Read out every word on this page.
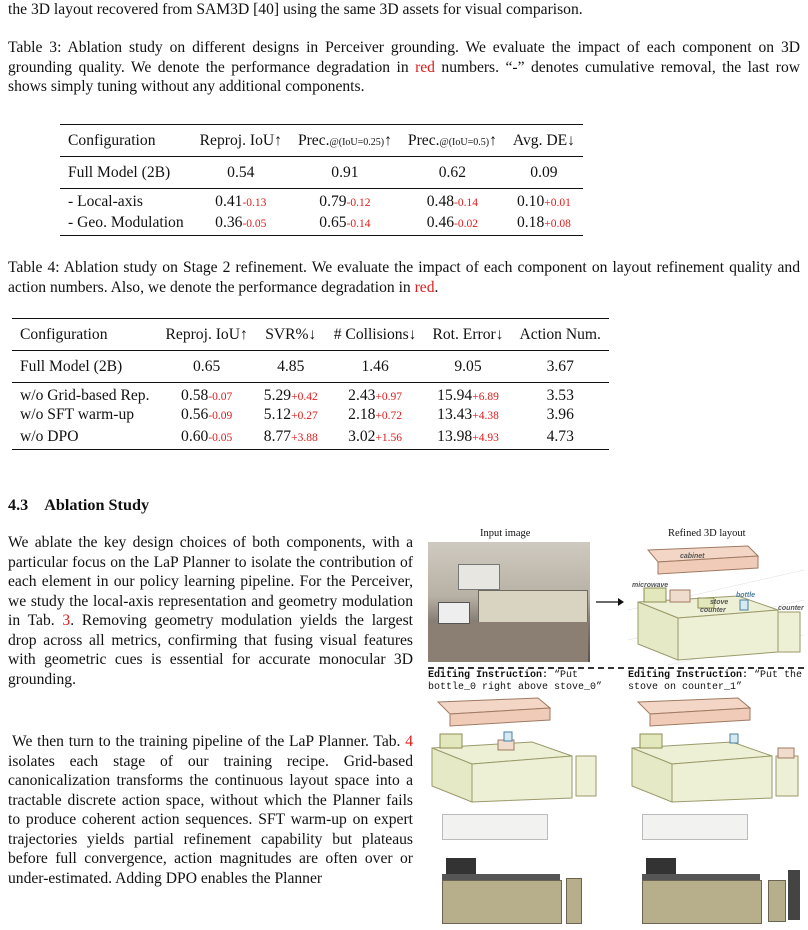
the 3D layout recovered from SAM3D [40] using the same 3D assets for visual comparison.
Table 3: Ablation study on different designs in Perceiver grounding. We evaluate the impact of each component on 3D grounding quality. We denote the performance degradation in red numbers. “-” denotes cumulative removal, the last row shows simply tuning without any additional components.
Configuration	Reproj. IoU↑	Prec.@(IoU=0.25)↑	Prec.@(IoU=0.5)↑	Avg. DE↓
Full Model (2B)	0.54	0.91	0.62	0.09
- Local-axis	0.41-0.13	0.79-0.12	0.48-0.14	0.10+0.01
- Geo. Modulation	0.36-0.05	0.65-0.14	0.46-0.02	0.18+0.08
Table 4: Ablation study on Stage 2 refinement. We evaluate the impact of each component on layout refinement quality and action numbers. Also, we denote the performance degradation in red.
Configuration	Reproj. IoU↑	SVR%↓	# Collisions↓	Rot. Error↓	Action Num.
Full Model (2B)	0.65	4.85	1.46	9.05	3.67
w/o Grid-based Rep.	0.58-0.07	5.29+0.42	2.43+0.97	15.94+6.89	3.53
w/o SFT warm-up	0.56-0.09	5.12+0.27	2.18+0.72	13.43+4.38	3.96
w/o DPO	0.60-0.05	8.77+3.88	3.02+1.56	13.98+4.93	4.73
4.3 Ablation Study
We ablate the key design choices of both components, with a particular focus on the LaP Planner to isolate the contribution of each element in our policy learning pipeline. For the Perceiver, we study the local-axis representation and geometry modulation in Tab. 3. Removing geometry modulation yields the largest drop across all metrics, confirming that fusing visual features with geometric cues is essential for accurate monocular 3D grounding.
We then turn to the training pipeline of the LaP Planner. Tab. 4 isolates each stage of our training recipe. Grid-based canonicalization transforms the continuous layout space into a tractable discrete action space, without which the Planner fails to produce coherent action sequences. SFT warm-up on expert trajectories yields partial refinement capability but plateaus before full convergence, action magnitudes are often over or under-estimated. Adding DPO enables the Planner
Input image	Refined 3D layout
cabinet
microwave
stove
counter
bottle
counter
Editing Instruction: “Put bottle_0 right above stove_0”
Editing Instruction: “Put the stove on counter_1”
